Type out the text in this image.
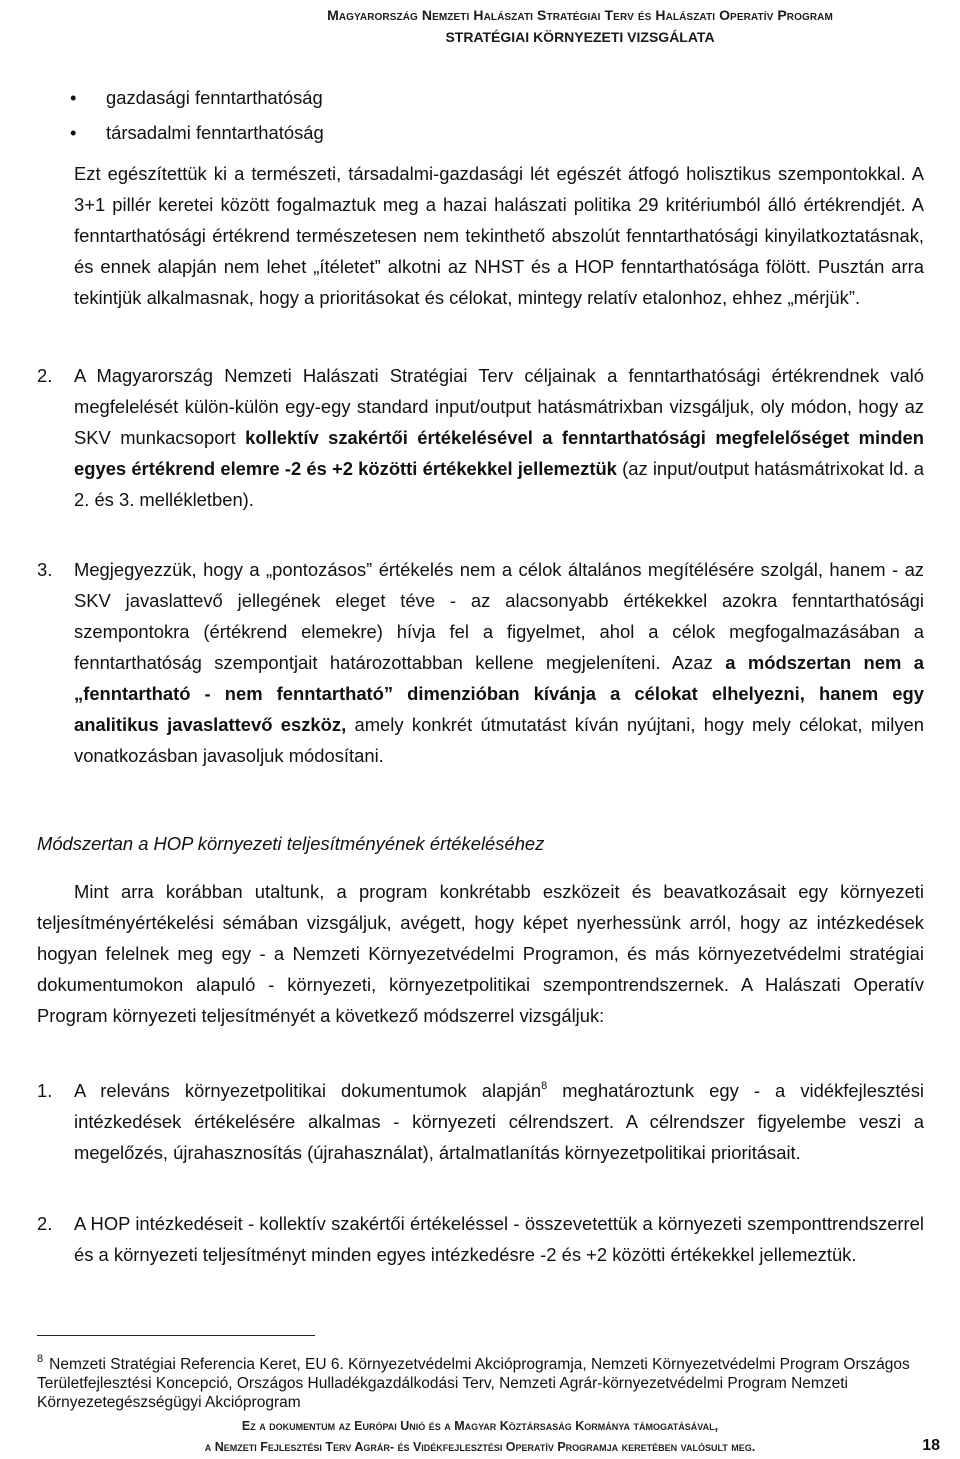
Magyarország Nemzeti Halászati Stratégiai Terv és Halászati Operatív Program
STRATÉGIAI KÖRNYEZETI VIZSGÁLATA
• gazdasági fenntarthatóság
• társadalmi fenntarthatóság
Ezt egészítettük ki a természeti, társadalmi-gazdasági lét egészét átfogó holisztikus szempontokkal. A 3+1 pillér keretei között fogalmaztuk meg a hazai halászati politika 29 kritériumból álló értékrendjét. A fenntarthatósági értékrend természetesen nem tekinthető abszolút fenntarthatósági kinyilatkoztatásnak, és ennek alapján nem lehet „ítéletet” alkotni az NHST és a HOP fenntarthatósága fölött. Pusztán arra tekintjük alkalmasnak, hogy a prioritásokat és célokat, mintegy relatív etalonhoz, ehhez „mérjük”.
2. A Magyarország Nemzeti Halászati Stratégiai Terv céljainak a fenntarthatósági értékrendnek való megfelelését külön-külön egy-egy standard input/output hatásmátrixban vizsgáljuk, oly módon, hogy az SKV munkacsoport kollektív szakértői értékelésével a fenntarthatósági megfelelőséget minden egyes értékrend elemre -2 és +2 közötti értékekkel jellemeztük (az input/output hatásmátrixokat ld. a 2. és 3. mellékletben).
3. Megjegyezzük, hogy a „pontozásos” értékelés nem a célok általános megítélésére szolgál, hanem - az SKV javaslattevő jellegének eleget téve - az alacsonyabb értékekkel azokra fenntarthatósági szempontokra (értékrend elemekre) hívja fel a figyelmet, ahol a célok megfogalmazásában a fenntarthatóság szempontjait határozottabban kellene megjeleníteni. Azaz a módszertan nem a „fenntartható - nem fenntartható” dimenzióban kívánja a célokat elhelyezni, hanem egy analitikus javaslattevő eszköz, amely konkrét útmutatást kíván nyújtani, hogy mely célokat, milyen vonatkozásban javasoljuk módosítani.
Módszertan a HOP környezeti teljesítményének értékeléséhez
Mint arra korábban utaltunk, a program konkrétabb eszközeit és beavatkozásait egy környezeti teljesítményértékelési sémában vizsgáljuk, avégett, hogy képet nyerhessünk arról, hogy az intézkedések hogyan felelnek meg egy - a Nemzeti Környezetvédelmi Programon, és más környezetvédelmi stratégiai dokumentumokon alapuló - környezeti, környezetpolitikai szempontrendszernek. A Halászati Operatív Program környezeti teljesítményét a következő módszerrel vizsgáljuk:
1. A releváns környezetpolitikai dokumentumok alapján$^8$ meghatároztunk egy - a vidékfejlesztési intézkedések értékelésére alkalmas - környezeti célrendszert. A célrendszer figyelembe veszi a megelőzés, újrahasznosítás (újrahasználat), ártalmatlanítás környezetpolitikai prioritásait.
2. A HOP intézkedéseit - kollektív szakértői értékeléssel - összevetettük a környezeti szemponttrendszerrel és a környezeti teljesítményt minden egyes intézkedésre -2 és +2 közötti értékekkel jellemeztük.
$^8$ Nemzeti Stratégiai Referencia Keret, EU 6. Környezetvédelmi Akcióprogramja, Nemzeti Környezetvédelmi Program Országos Területfejlesztési Koncepció, Országos Hulladékgazdálkodási Terv, Nemzeti Agrár-környezetvédelmi Program Nemzeti Környezetegészségügyi Akcióprogram
Ez a dokumentum az Európai Unió és a Magyar Köztársaság Kormánya támogatásával,
a Nemzeti Fejlesztési Terv Agrár- és Vidékfejlesztési Operatív Programja keretében valósult meg.	18
